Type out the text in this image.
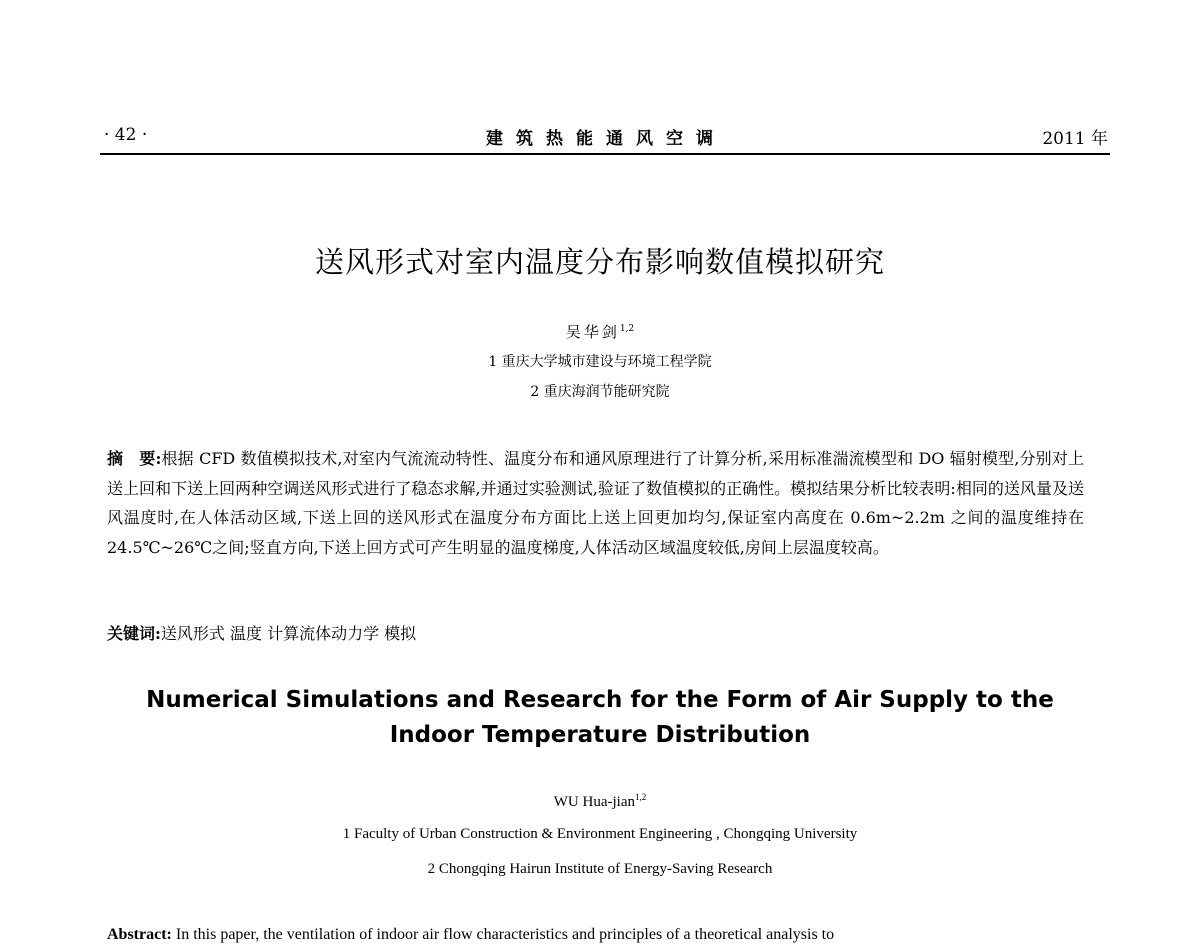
· 42 ·	建筑热能通风空调	2011 年
送风形式对室内温度分布影响数值模拟研究
吴华剑$^{1,2}$
1 重庆大学城市建设与环境工程学院
2 重庆海润节能研究院
摘　要:根据 CFD 数值模拟技术,对室内气流流动特性、温度分布和通风原理进行了计算分析,采用标准湍流模型和 DO 辐射模型,分别对上送上回和下送上回两种空调送风形式进行了稳态求解,并通过实验测试,验证了数值模拟的正确性。模拟结果分析比较表明:相同的送风量及送风温度时,在人体活动区域,下送上回的送风形式在温度分布方面比上送上回更加均匀,保证室内高度在 0.6m~2.2m 之间的温度维持在 24.5℃~26℃之间;竖直方向,下送上回方式可产生明显的温度梯度,人体活动区域温度较低,房间上层温度较高。
关键词:送风形式 温度 计算流体动力学 模拟
Numerical Simulations and Research for the Form of Air Supply to the
Indoor Temperature Distribution
WU Hua-jian$^{1,2}$
1 Faculty of Urban Construction & Environment Engineering , Chongqing University
2 Chongqing Hairun Institute of Energy-Saving Research
Abstract: In this paper, the ventilation of indoor air flow characteristics and principles of a theoretical analysis to
